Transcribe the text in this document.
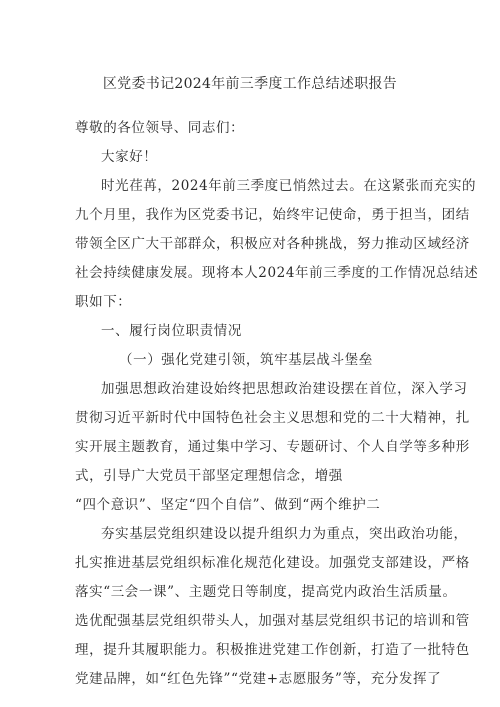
区党委书记2024年前三季度工作总结述职报告
尊敬的各位领导、同志们：
大家好！
时光荏苒，2024年前三季度已悄然过去。在这紧张而充实的
九个月里，我作为区党委书记，始终牢记使命，勇于担当，团结
带领全区广大干部群众，积极应对各种挑战，努力推动区域经济
社会持续健康发展。现将本人2024年前三季度的工作情况总结述
职如下：
一、履行岗位职责情况
（一）强化党建引领，筑牢基层战斗堡垒
加强思想政治建设始终把思想政治建设摆在首位，深入学习
贯彻习近平新时代中国特色社会主义思想和党的二十大精神，扎
实开展主题教育，通过集中学习、专题研讨、个人自学等多种形
式，引导广大党员干部坚定理想信念，增强
“四个意识”、坚定“四个自信”、做到“两个维护二
夯实基层党组织建设以提升组织力为重点，突出政治功能，
扎实推进基层党组织标准化规范化建设。加强党支部建设，严格
落实“三会一课”、主题党日等制度，提高党内政治生活质量。
选优配强基层党组织带头人，加强对基层党组织书记的培训和管
理，提升其履职能力。积极推进党建工作创新，打造了一批特色
党建品牌，如“红色先锋”“党建+志愿服务”等，充分发挥了
